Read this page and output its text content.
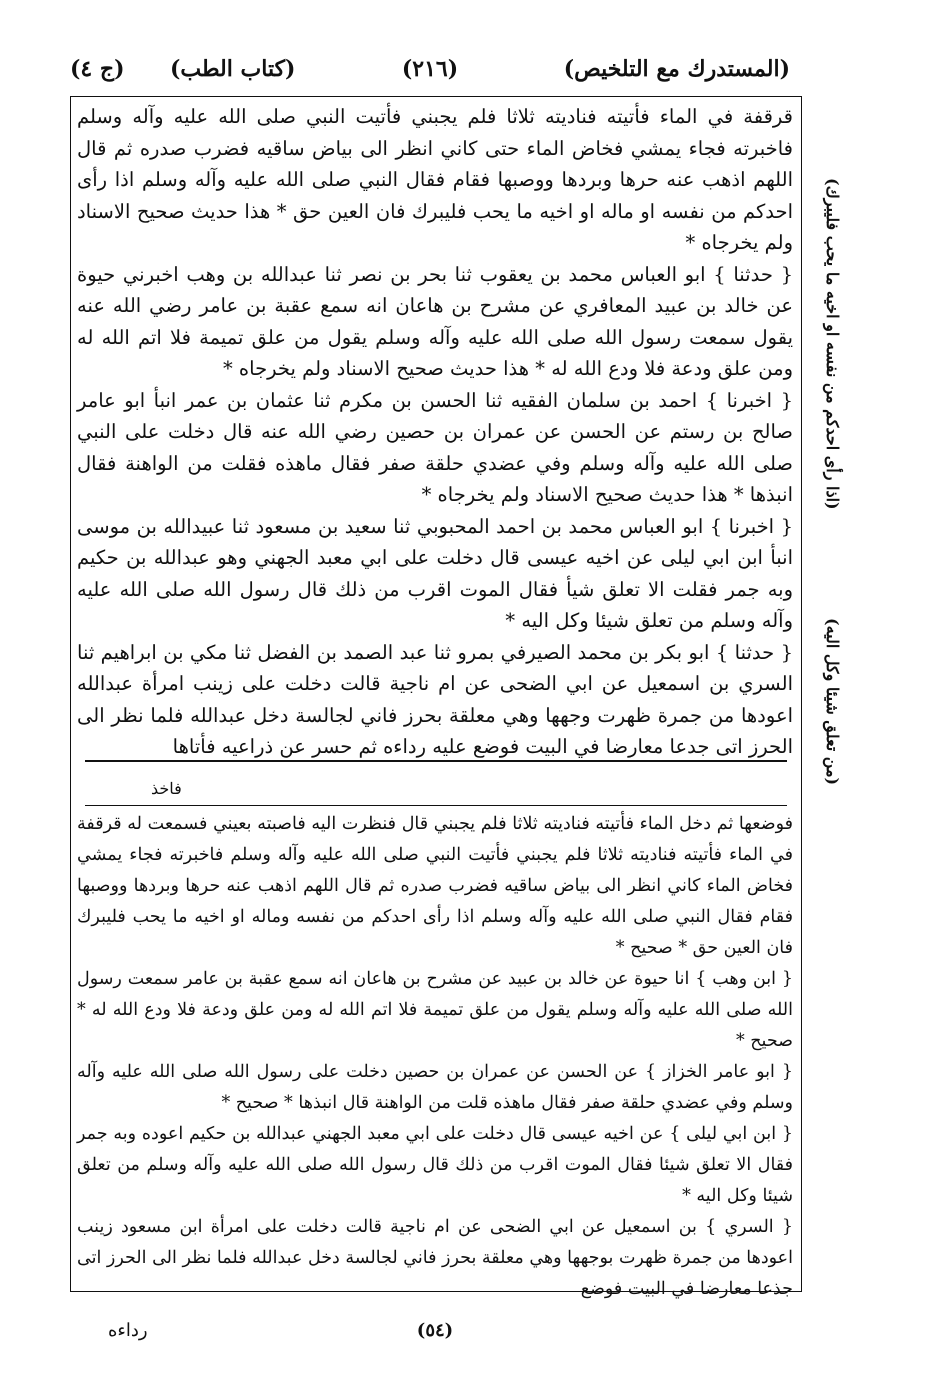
(المستدرك مع التلخيص)
(٢١٦)
(كتاب الطب)
(ج ٤)
(اذا رأى احدكم من نفسه او اخيه ما يحب فليبرك)
(من تعلق شيئا وكل اليه)

قرقفة في الماء فأتيته فناديته ثلاثا فلم يجبني فأتيت النبي صلى الله عليه وآله وسلم فاخبرته فجاء يمشي فخاض الماء حتى كاني انظر الى بياض ساقيه فضرب صدره ثم قال اللهم اذهب عنه حرها وبردها ووصبها فقام فقال النبي صلى الله عليه وآله وسلم اذا رأى احدكم من نفسه او ماله او اخيه ما يحب فليبرك فان العين حق * هذا حديث صحيح الاسناد ولم يخرجاه *

{ حدثنا } ابو العباس محمد بن يعقوب ثنا بحر بن نصر ثنا عبدالله بن وهب اخبرني حيوة عن خالد بن عبيد المعافري عن مشرح بن هاعان انه سمع عقبة بن عامر رضي الله عنه يقول سمعت رسول الله صلى الله عليه وآله وسلم يقول من علق تميمة فلا اتم الله له ومن علق ودعة فلا ودع الله له * هذا حديث صحيح الاسناد ولم يخرجاه *

{ اخبرنا } احمد بن سلمان الفقيه ثنا الحسن بن مكرم ثنا عثمان بن عمر انبأ ابو عامر صالح بن رستم عن الحسن عن عمران بن حصين رضي الله عنه قال دخلت على النبي صلى الله عليه وآله وسلم وفي عضدي حلقة صفر فقال ماهذه فقلت من الواهنة فقال انبذها * هذا حديث صحيح الاسناد ولم يخرجاه *

{ اخبرنا } ابو العباس محمد بن احمد المحبوبي ثنا سعيد بن مسعود ثنا عبيدالله بن موسى انبأ ابن ابي ليلى عن اخيه عيسى قال دخلت على ابي معبد الجهني وهو عبدالله بن حكيم وبه جمر فقلت الا تعلق شيأ فقال الموت اقرب من ذلك قال رسول الله صلى الله عليه وآله وسلم من تعلق شيئا وكل اليه *

{ حدثنا } ابو بكر بن محمد الصيرفي بمرو ثنا عبد الصمد بن الفضل ثنا مكي بن ابراهيم ثنا السري بن اسمعيل عن ابي الضحى عن ام ناجية قالت دخلت على زينب امرأة عبدالله اعودها من جمرة ظهرت وجهها وهي معلقة بحرز فاني لجالسة دخل عبدالله فلما نظر الى الحرز اتى جدعا معارضا في البيت فوضع عليه رداءه ثم حسر عن ذراعيه فأتاها

فاخذ

فوضعها ثم دخل الماء فأتيته فناديته ثلاثا فلم يجبني قال فنظرت اليه فاصبته بعيني فسمعت له قرقفة في الماء فأتيته فناديته ثلاثا فلم يجبني فأتيت النبي صلى الله عليه وآله وسلم فاخبرته فجاء يمشي فخاض الماء كاني انظر الى بياض ساقيه فضرب صدره ثم قال اللهم اذهب عنه حرها وبردها ووصبها فقام فقال النبي صلى الله عليه وآله وسلم اذا رأى احدكم من نفسه وماله او اخيه ما يحب فليبرك فان العين حق * صحيح *

{ ابن وهب } انا حيوة عن خالد بن عبيد عن مشرح بن هاعان انه سمع عقبة بن عامر سمعت رسول الله صلى الله عليه وآله وسلم يقول من علق تميمة فلا اتم الله له ومن علق ودعة فلا ودع الله له * صحيح *

{ ابو عامر الخزاز } عن الحسن عن عمران بن حصين دخلت على رسول الله صلى الله عليه وآله وسلم وفي عضدي حلقة صفر فقال ماهذه قلت من الواهنة قال انبذها * صحيح *

{ ابن ابي ليلى } عن اخيه عيسى قال دخلت على ابي معبد الجهني عبدالله بن حكيم اعوده وبه جمر فقال الا تعلق شيئا فقال الموت اقرب من ذلك قال رسول الله صلى الله عليه وآله وسلم من تعلق شيئا وكل اليه *

{ السري } بن اسمعيل عن ابي الضحى عن ام ناجية قالت دخلت على امرأة ابن مسعود زينب اعودها من جمرة ظهرت بوجهها وهي معلقة بحرز فاني لجالسة دخل عبدالله فلما نظر الى الحرز اتى جذعا معارضا في البيت فوضع

(٥٤)
رداءه
